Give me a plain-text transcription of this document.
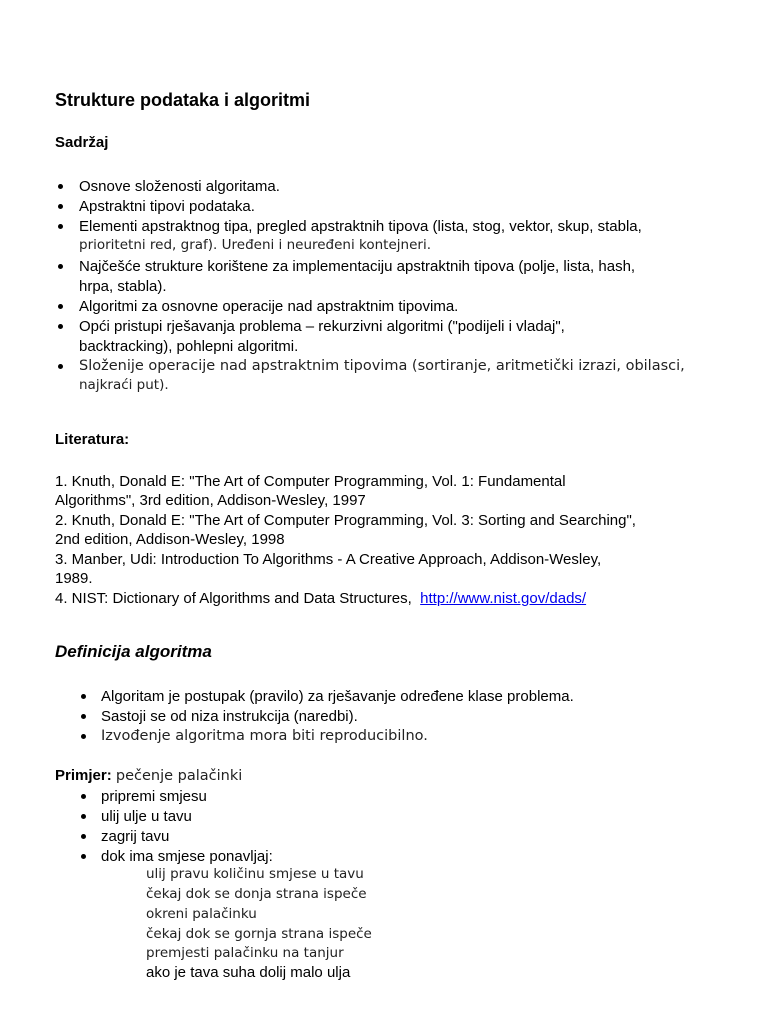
Strukture podataka i algoritmi
Sadržaj
Osnove složenosti algoritama.
Apstraktni tipovi podataka.
Elementi apstraktnog tipa, pregled apstraktnih tipova (lista, stog, vektor, skup, stabla,
prioritetni red, graf). Uređeni i neuređeni kontejneri.
Najčešće strukture korištene za implementaciju apstraktnih tipova (polje, lista, hash,
hrpa, stabla).
Algoritmi za osnovne operacije nad apstraktnim tipovima.
Opći pristupi rješavanja problema – rekurzivni algoritmi ("podijeli i vladaj",
backtracking), pohlepni algoritmi.
Složenije operacije nad apstraktnim tipovima (sortiranje, aritmetički izrazi, obilasci,
najkraći put).
Literatura:
1. Knuth, Donald E: "The Art of Computer Programming, Vol. 1: Fundamental
Algorithms", 3rd edition, Addison-Wesley, 1997
2. Knuth, Donald E: "The Art of Computer Programming, Vol. 3: Sorting and Searching",
2nd edition, Addison-Wesley, 1998
3. Manber, Udi: Introduction To Algorithms - A Creative Approach, Addison-Wesley,
1989.
4. NIST: Dictionary of Algorithms and Data Structures, http://www.nist.gov/dads/
Definicija algoritma
Algoritam je postupak (pravilo) za rješavanje određene klase problema.
Sastoji se od niza instrukcija (naredbi).
Izvođenje algoritma mora biti reproducibilno.
Primjer: pečenje palačinki
pripremi smjesu
ulij ulje u tavu
zagrij tavu
dok ima smjese ponavljaj:
ulij pravu količinu smjese u tavu
čekaj dok se donja strana ispeče
okreni palačinku
čekaj dok se gornja strana ispeče
premjesti palačinku na tanjur
ako je tava suha dolij malo ulja
